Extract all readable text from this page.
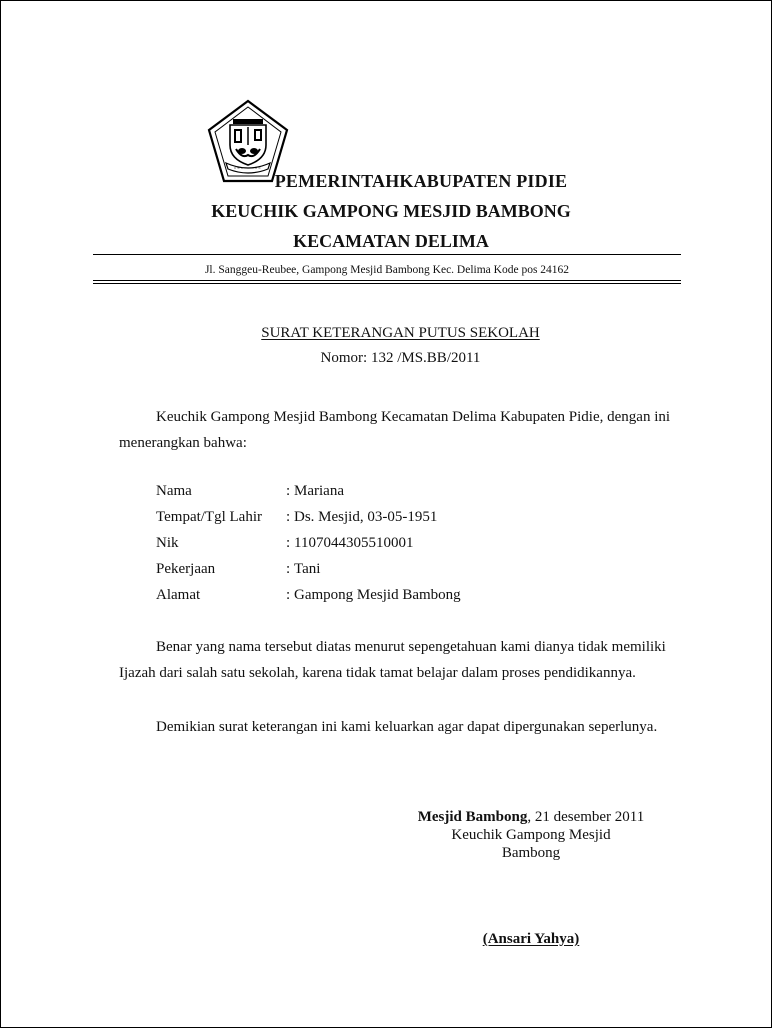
PEMERINTAHKABUPATEN PIDIE
KEUCHIK GAMPONG MESJID BAMBONG
KECAMATAN DELIMA
Jl. Sanggeu-Reubee, Gampong Mesjid Bambong Kec. Delima Kode pos 24162
SURAT KETERANGAN PUTUS SEKOLAH
Nomor: 132 /MS.BB/2011
Keuchik Gampong Mesjid Bambong Kecamatan Delima Kabupaten Pidie, dengan ini menerangkan bahwa:
Nama	: Mariana
Tempat/Tgl Lahir	: Ds. Mesjid, 03-05-1951
Nik	: 1107044305510001
Pekerjaan	: Tani
Alamat	: Gampong Mesjid Bambong
Benar yang nama tersebut diatas menurut sepengetahuan kami dianya tidak memiliki Ijazah dari salah satu sekolah, karena tidak tamat belajar dalam proses pendidikannya.
Demikian surat keterangan ini kami keluarkan agar dapat dipergunakan seperlunya.
Mesjid Bambong, 21 desember 2011
Keuchik Gampong Mesjid
Bambong
(Ansari Yahya)
